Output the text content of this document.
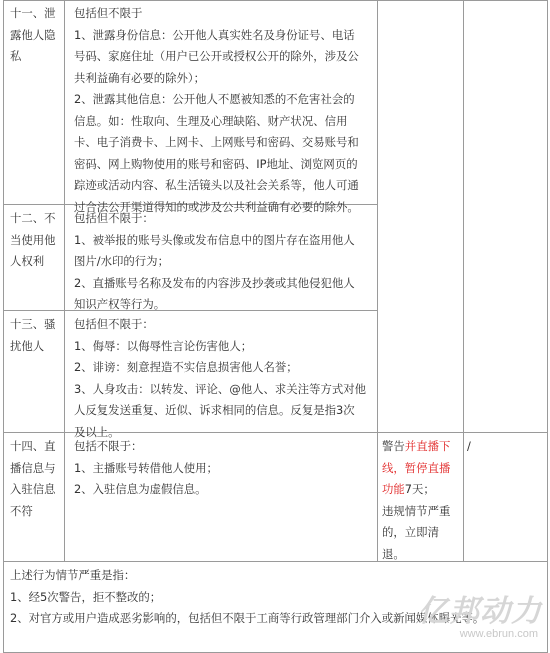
十一、泄
露他人隐
私
包括但不限于
1、泄露身份信息：公开他人真实姓名及身份证号、电话
号码、家庭住址（用户已公开或授权公开的除外，涉及公
共利益确有必要的除外）；
2、泄露其他信息：公开他人不愿被知悉的不危害社会的
信息。如：性取向、生理及心理缺陷、财产状况、信用
卡、电子消费卡、上网卡、上网账号和密码、交易账号和
密码、网上购物使用的账号和密码、IP地址、浏览网页的
踪迹或活动内容、私生活镜头以及社会关系等，他人可通
过合法公开渠道得知的或涉及公共利益确有必要的除外。
十二、不
当使用他
人权利
包括但不限于：
1、被举报的账号头像或发布信息中的图片存在盗用他人
图片/水印的行为；
2、直播账号名称及发布的内容涉及抄袭或其他侵犯他人
知识产权等行为。
十三、骚
扰他人
包括但不限于：
1、侮辱：以侮辱性言论伤害他人；
2、诽谤：刻意捏造不实信息损害他人名誉；
3、人身攻击：以转发、评论、@他人、求关注等方式对他
人反复发送重复、近似、诉求相同的信息。反复是指3次
及以上。
十四、直
播信息与
入驻信息
不符
包括不限于：
1、主播账号转借他人使用；
2、入驻信息为虚假信息。
警告并直播下
线，暂停直播
功能7天；
违规情节严重
的，立即清
退。
/
上述行为情节严重是指：
1、经5次警告，拒不整改的；
2、对官方或用户造成恶劣影响的，包括但不限于工商等行政管理部门介入或新闻媒体曝光等。
亿邦动力
www.ebrun.com
